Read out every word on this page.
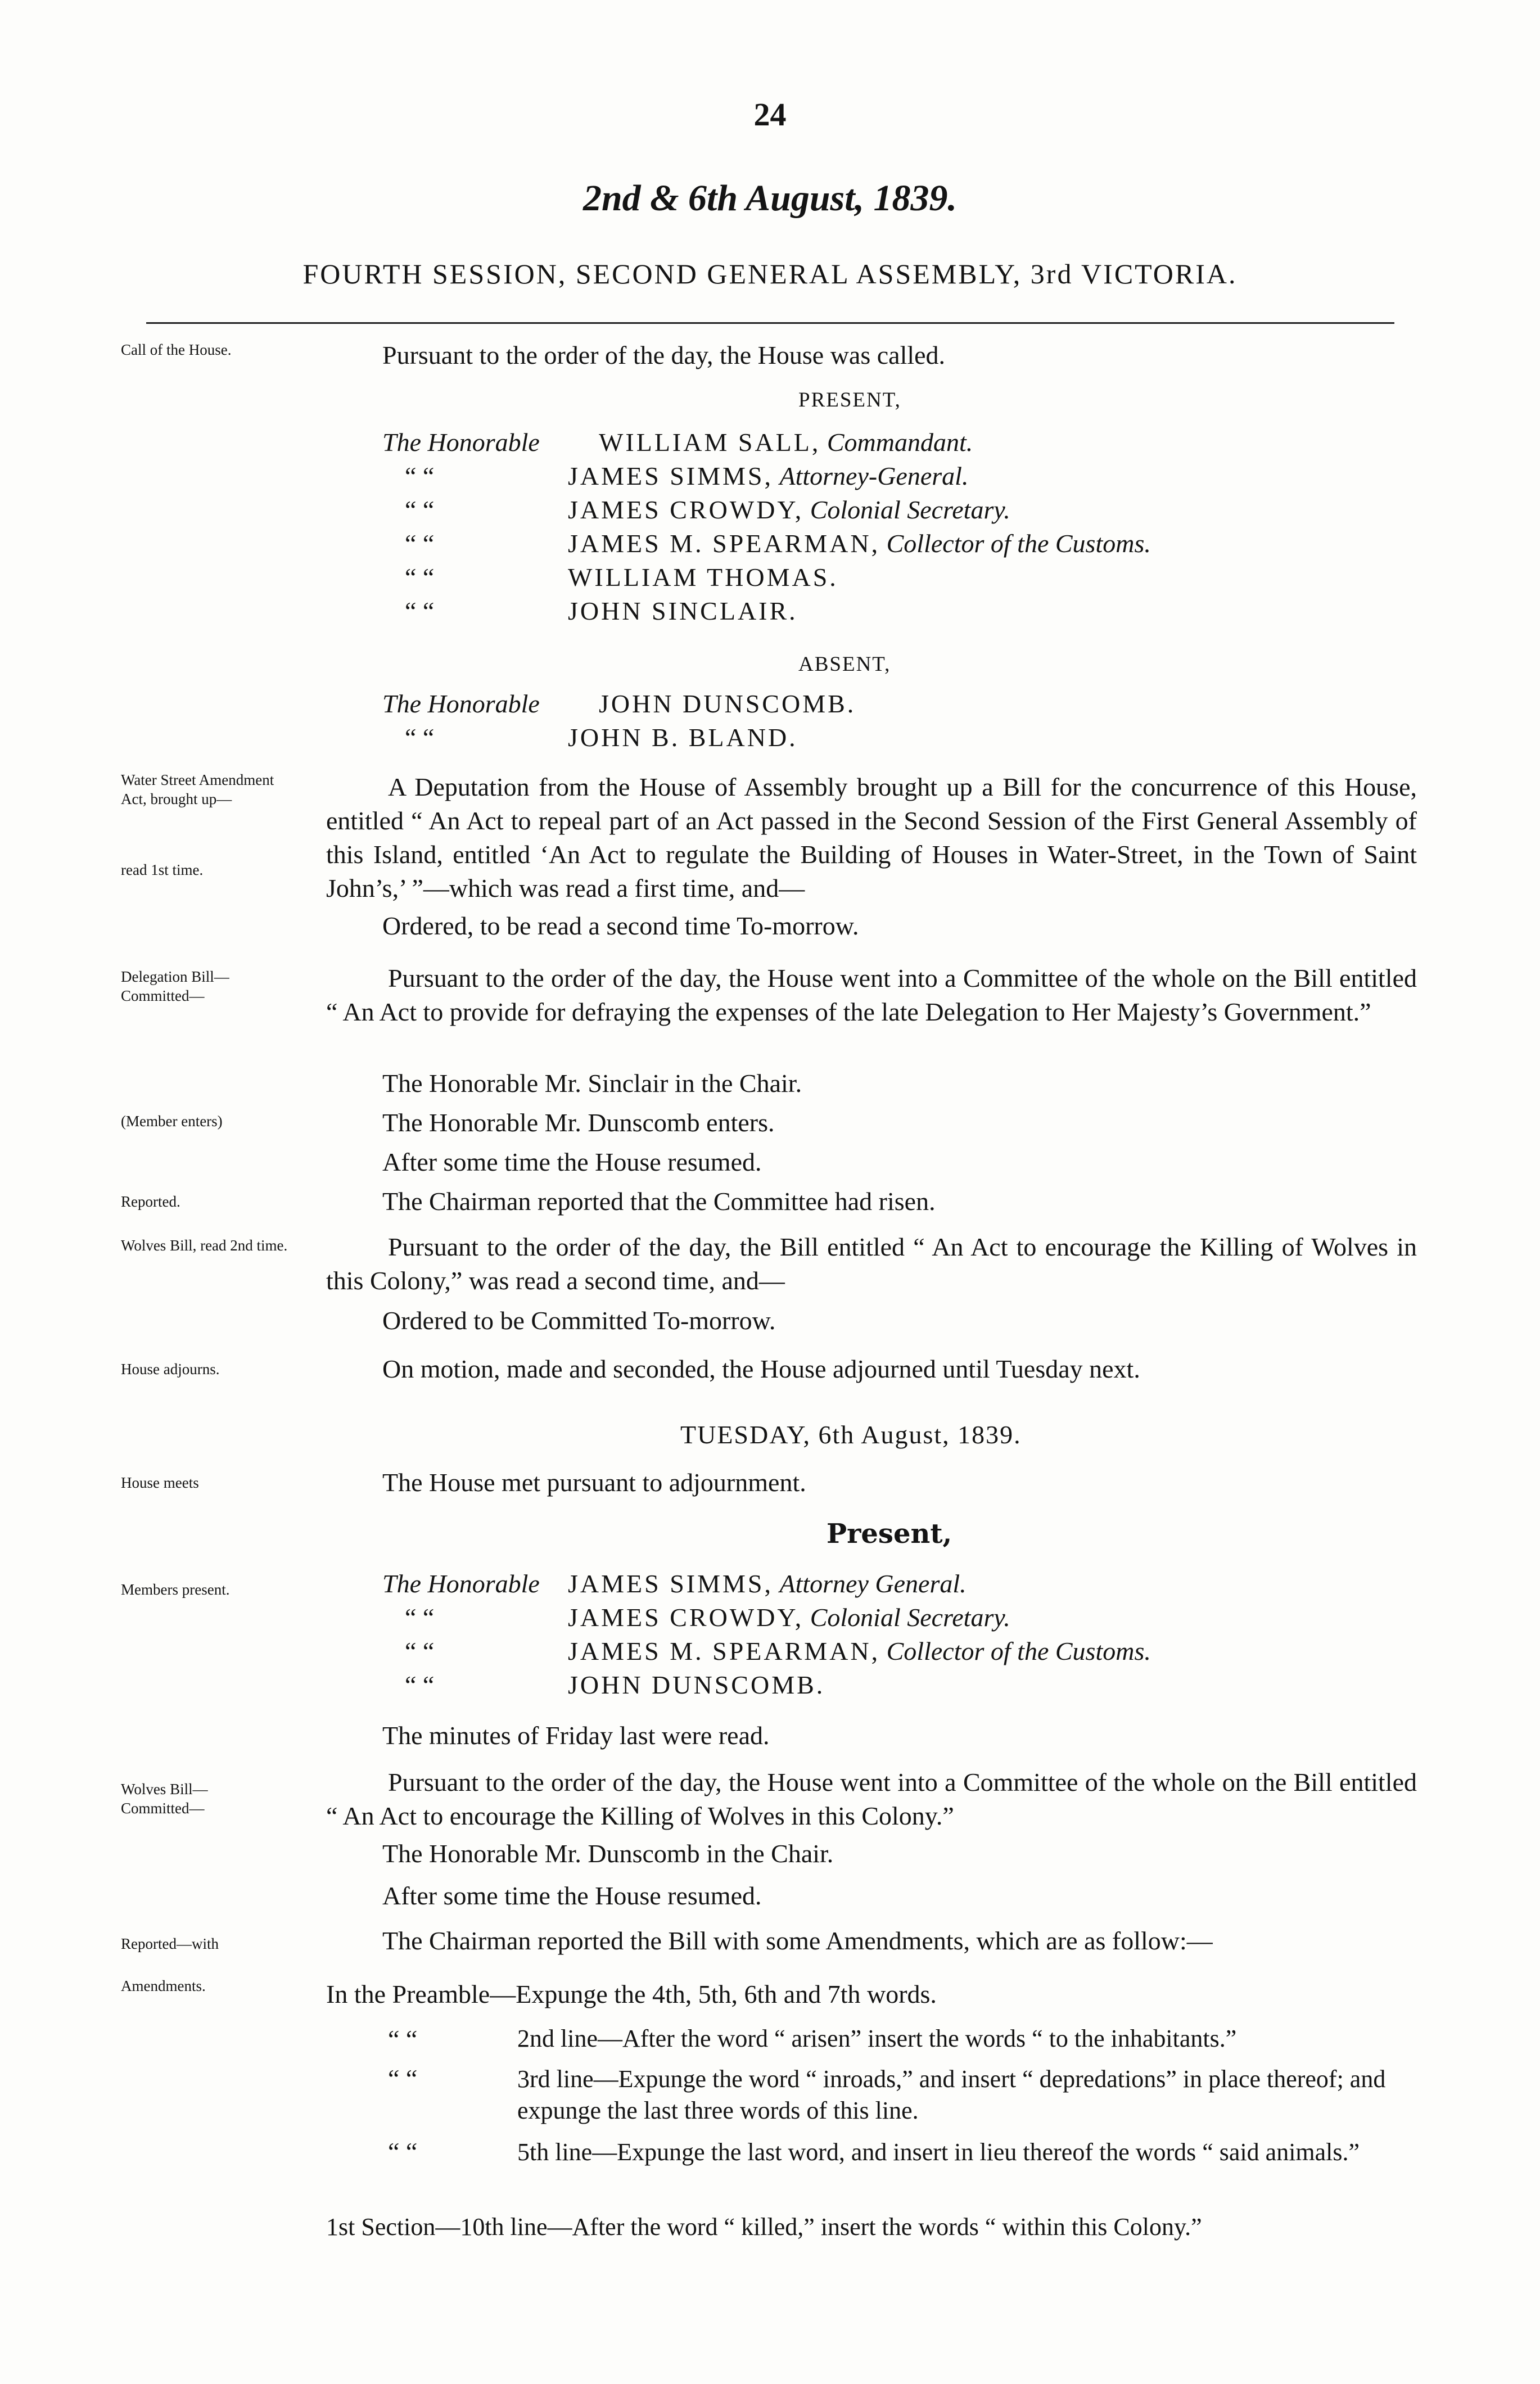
24
2nd & 6th August, 1839.
FOURTH SESSION, SECOND GENERAL ASSEMBLY, 3rd VICTORIA.
Call of the House.
Water Street Amendment Act, brought up—
read 1st time.
Delegation Bill—Committed—
(Member enters)
Reported.
Wolves Bill, read 2nd time.
House adjourns.
House meets
Members present.
Wolves Bill—Committed—
Reported—with
Amendments.
Pursuant to the order of the day, the House was called.
PRESENT,
The Honorable WILLIAM SALL, Commandant.
“ “	JAMES SIMMS, Attorney-General.
“ “	JAMES CROWDY, Colonial Secretary.
“ “	JAMES M. SPEARMAN, Collector of the Customs.
“ “	WILLIAM THOMAS.
“ “	JOHN SINCLAIR.
ABSENT,
The Honorable JOHN DUNSCOMB.
“ “	JOHN B. BLAND.
A Deputation from the House of Assembly brought up a Bill for the concurrence of this House, entitled “ An Act to repeal part of an Act passed in the Second Session of the First General Assembly of this Island, entitled ‘An Act to regulate the Building of Houses in Water-Street, in the Town of Saint John’s,’ ”—which was read a first time, and—
Ordered, to be read a second time To-morrow.
Pursuant to the order of the day, the House went into a Committee of the whole on the Bill entitled “ An Act to provide for defraying the expenses of the late Delegation to Her Majesty’s Government.”
The Honorable Mr. Sinclair in the Chair.
The Honorable Mr. Dunscomb enters.
After some time the House resumed.
The Chairman reported that the Committee had risen.
Pursuant to the order of the day, the Bill entitled “ An Act to encourage the Killing of Wolves in this Colony,” was read a second time, and—
Ordered to be Committed To-morrow.
On motion, made and seconded, the House adjourned until Tuesday next.
TUESDAY, 6th August, 1839.
The House met pursuant to adjournment.
Present,
The Honorable JAMES SIMMS, Attorney General.
“ “	JAMES CROWDY, Colonial Secretary.
“ “	JAMES M. SPEARMAN, Collector of the Customs.
“ “	JOHN DUNSCOMB.
The minutes of Friday last were read.
Pursuant to the order of the day, the House went into a Committee of the whole on the Bill entitled “ An Act to encourage the Killing of Wolves in this Colony.”
The Honorable Mr. Dunscomb in the Chair.
After some time the House resumed.
The Chairman reported the Bill with some Amendments, which are as follow:—
In the Preamble—Expunge the 4th, 5th, 6th and 7th words.
“ “	2nd line—After the word “ arisen” insert the words “ to the inhabitants.”
“ “	3rd line—Expunge the word “ inroads,” and insert “ depredations” in place thereof; and expunge the last three words of this line.
“ “	5th line—Expunge the last word, and insert in lieu thereof the words “ said animals.”
1st Section—10th line—After the word “ killed,” insert the words “ within this Colony.”
